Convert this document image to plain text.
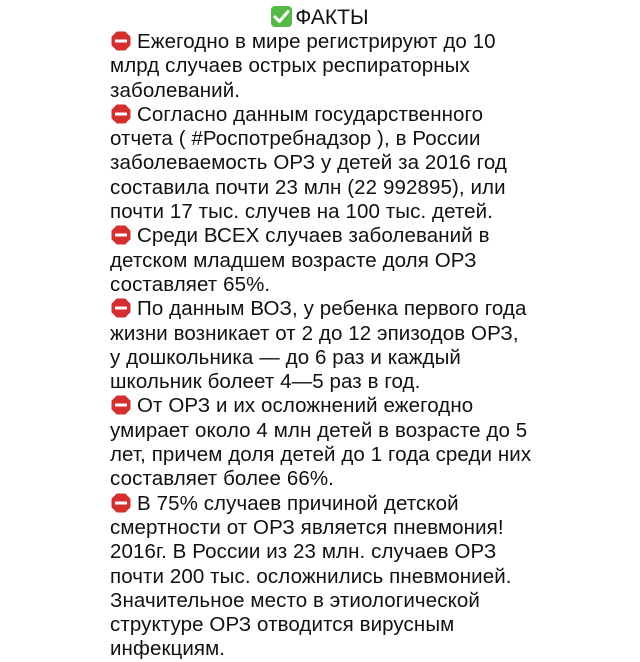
ФАКТЫ
Ежегодно в мире регистрируют до 10
млрд случаев острых респираторных
заболеваний.
Согласно данным государственного
отчета ( #Роспотребнадзор ), в России
заболеваемость ОРЗ у детей за 2016 год
составила почти 23 млн (22 992895), или
почти 17 тыс. случев на 100 тыс. детей.
Среди ВСЕХ случаев заболеваний в
детском младшем возрасте доля ОРЗ
составляет 65%.
По данным ВОЗ, у ребенка первого года
жизни возникает от 2 до 12 эпизодов ОРЗ,
у дошкольника — до 6 раз и каждый
школьник болеет 4—5 раз в год.
От ОРЗ и их осложнений ежегодно
умирает около 4 млн детей в возрасте до 5
лет, причем доля детей до 1 года среди них
составляет более 66%.
В 75% случаев причиной детской
смертности от ОРЗ является пневмония!
2016г. В России из 23 млн. случаев ОРЗ
почти 200 тыс. осложнились пневмонией.
Значительное место в этиологической
структуре ОРЗ отводится вирусным
инфекциям.
